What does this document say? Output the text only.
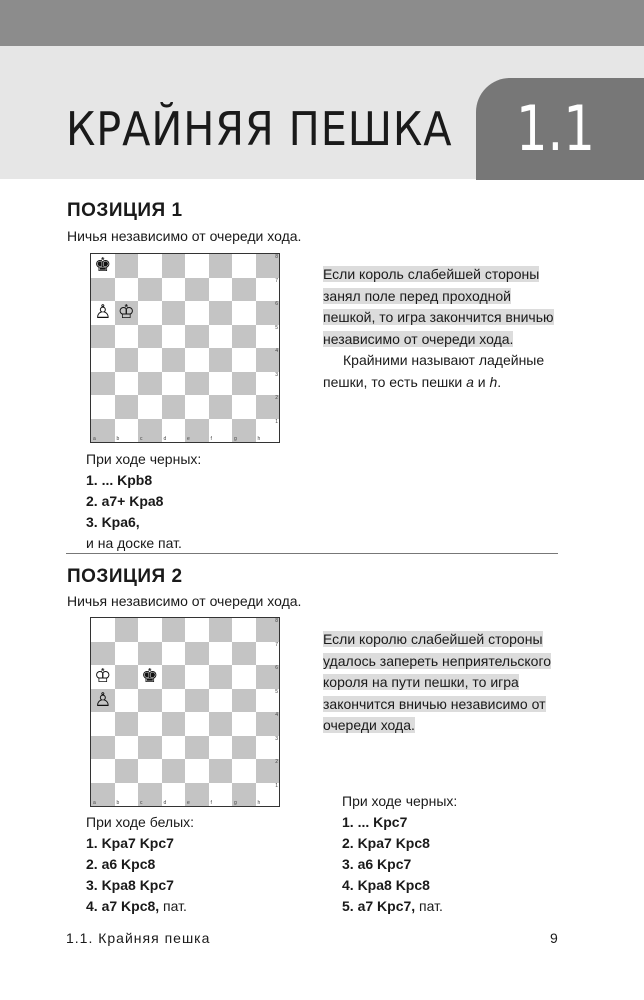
КРАЙНЯЯ ПЕШКА 1.1
ПОЗИЦИЯ 1
Ничья независимо от очереди хода.
♚	8
7
♙ ♔	6
5
4
3
2
a	b	c	d	e	f	g
1
h
Если король слабейшей стороны занял поле перед проходной пешкой, то игра закончится вничью независимо от очереди хода.
Крайними называют ладейные пешки, то есть пешки a и h.
При ходе черных:
1. ... Kpb8
2. a7+ Kpa8
3. Kpa6,
и на доске пат.
ПОЗИЦИЯ 2
Ничья независимо от очереди хода.
8
7
♔ ♚	6
♙	5
4
3
2
a	b	c	d	e	f	g
1
h
Если королю слабейшей стороны удалось запереть неприятельского короля на пути пешки, то игра закончится вничью независимо от очереди хода.
При ходе белых:
1. Kpa7 Kpc7
2. a6 Kpc8
3. Kpa8 Kpc7
4. a7 Kpc8, пат.
При ходе черных:
1. ... Kpc7
2. Kpa7 Kpc8
3. a6 Kpc7
4. Kpa8 Kpc8
5. a7 Kpc7, пат.
1.1. Крайняя пешка	9
